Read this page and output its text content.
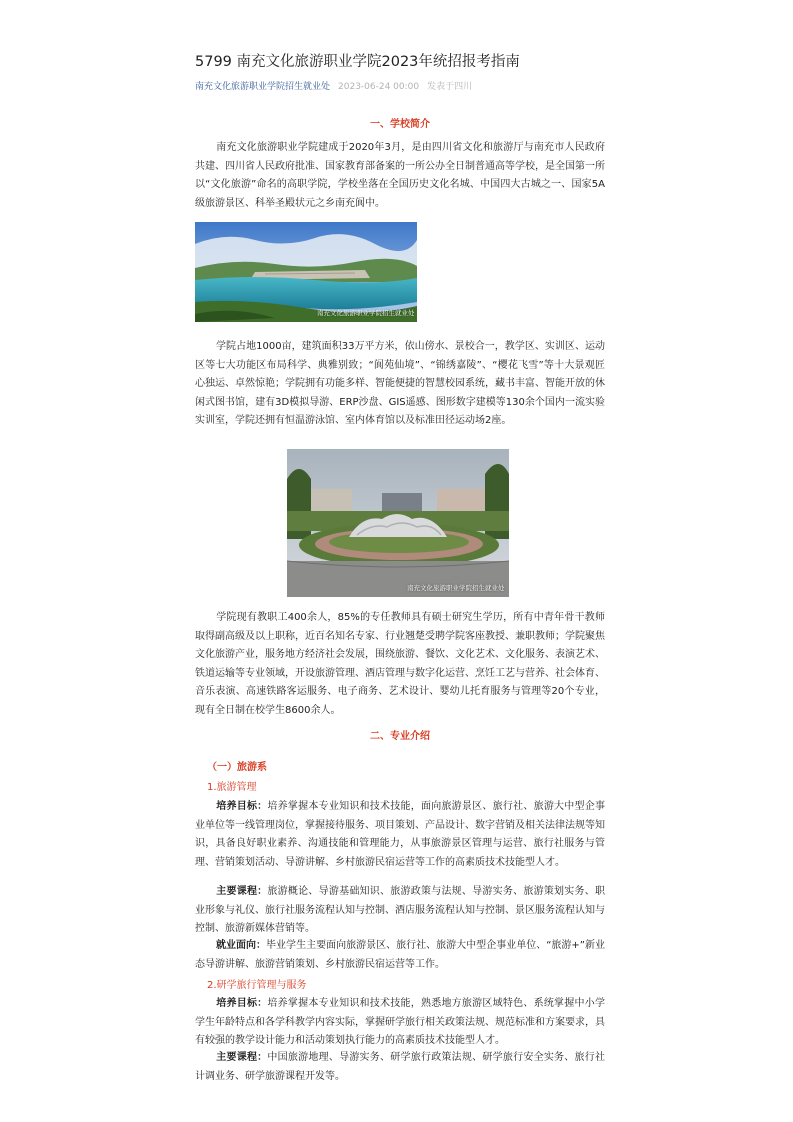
5799 南充文化旅游职业学院2023年统招报考指南
南充文化旅游职业学院招生就业处 2023-06-24 00:00 发表于四川
一、学校简介

南充文化旅游职业学院建成于2020年3月，是由四川省文化和旅游厅与南充市人民政府共建、四川省人民政府批准、国家教育部备案的一所公办全日制普通高等学校，是全国第一所以“文化旅游”命名的高职学院，学校坐落在全国历史文化名城、中国四大古城之一、国家5A级旅游景区、科举圣殿状元之乡南充阆中。

南充文化旅游职业学院招生就业处

学院占地1000亩，建筑面积33万平方米，依山傍水、景校合一，教学区、实训区、运动区等七大功能区布局科学、典雅别致；“阆苑仙境”、“锦绣嘉陵”、“樱花飞雪”等十大景观匠心独运、卓然惊艳；学院拥有功能多样、智能便捷的智慧校园系统，藏书丰富、智能开放的休闲式图书馆，建有3D模拟导游、ERP沙盘、GIS遥感、图形数字建模等130余个国内一流实验实训室，学院还拥有恒温游泳馆、室内体育馆以及标准田径运动场2座。

南充文化旅游职业学院招生就业处

学院现有教职工400余人，85%的专任教师具有硕士研究生学历，所有中青年骨干教师取得副高级及以上职称，近百名知名专家、行业翘楚受聘学院客座教授、兼职教师；学院聚焦文化旅游产业，服务地方经济社会发展，围绕旅游、餐饮、文化艺术、文化服务、表演艺术、铁道运输等专业领域，开设旅游管理、酒店管理与数字化运营、烹饪工艺与营养、社会体育、音乐表演、高速铁路客运服务、电子商务、艺术设计、婴幼儿托育服务与管理等20个专业，现有全日制在校学生8600余人。

二、专业介绍
（一）旅游系
1.旅游管理

培养目标：培养掌握本专业知识和技术技能，面向旅游景区、旅行社、旅游大中型企事业单位等一线管理岗位，掌握接待服务、项目策划、产品设计、数字营销及相关法律法规等知识，具备良好职业素养、沟通技能和管理能力，从事旅游景区管理与运营、旅行社服务与管理、营销策划活动、导游讲解、乡村旅游民宿运营等工作的高素质技术技能型人才。

主要课程：旅游概论、导游基础知识、旅游政策与法规、导游实务、旅游策划实务、职业形象与礼仪、旅行社服务流程认知与控制、酒店服务流程认知与控制、景区服务流程认知与控制、旅游新媒体营销等。

就业面向：毕业学生主要面向旅游景区、旅行社、旅游大中型企事业单位、“旅游+”新业态导游讲解、旅游营销策划、乡村旅游民宿运营等工作。

2.研学旅行管理与服务

培养目标：培养掌握本专业知识和技术技能，熟悉地方旅游区域特色、系统掌握中小学学生年龄特点和各学科教学内容实际，掌握研学旅行相关政策法规、规范标准和方案要求，具有较强的教学设计能力和活动策划执行能力的高素质技术技能型人才。

主要课程：中国旅游地理、导游实务、研学旅行政策法规、研学旅行安全实务、旅行社计调业务、研学旅游课程开发等。
